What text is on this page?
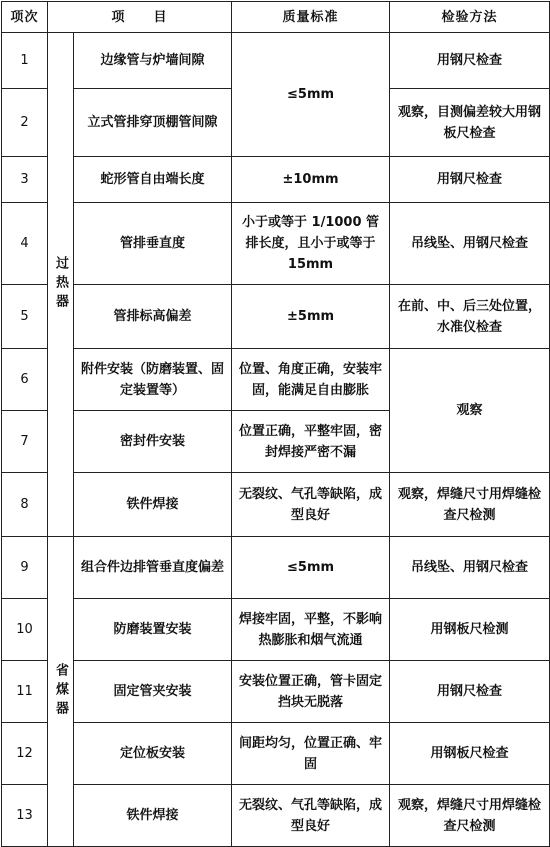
项次	项　　目		质量标准	检验方法
1	过热器	边缘管与炉墙间隙	≤5mm	用钢尺检查
2		立式管排穿顶棚管间隙		观察，目测偏差较大用钢板尺检查
3		蛇形管自由端长度	±10mm	用钢尺检查
4		管排垂直度	小于或等于 1/1000 管排长度，且小于或等于 15mm	吊线坠、用钢尺检查
5		管排标高偏差	±5mm	在前、中、后三处位置，水准仪检查
6		附件安装（防磨装置、固定装置等）	位置、角度正确，安装牢固，能满足自由膨胀	观察
7		密封件安装	位置正确，平整牢固，密封焊接严密不漏	
8		铁件焊接	无裂纹、气孔等缺陷，成型良好	观察，焊缝尺寸用焊缝检查尺检测
9	省煤器	组合件边排管垂直度偏差	≤5mm	吊线坠、用钢尺检查
10		防磨装置安装	焊接牢固，平整，不影响热膨胀和烟气流通	用钢板尺检测
11		固定管夹安装	安装位置正确，管卡固定挡块无脱落	用钢尺检查
12		定位板安装	间距均匀，位置正确、牢固	用钢板尺检查
13		铁件焊接	无裂纹、气孔等缺陷，成型良好	观察，焊缝尺寸用焊缝检查尺检测
